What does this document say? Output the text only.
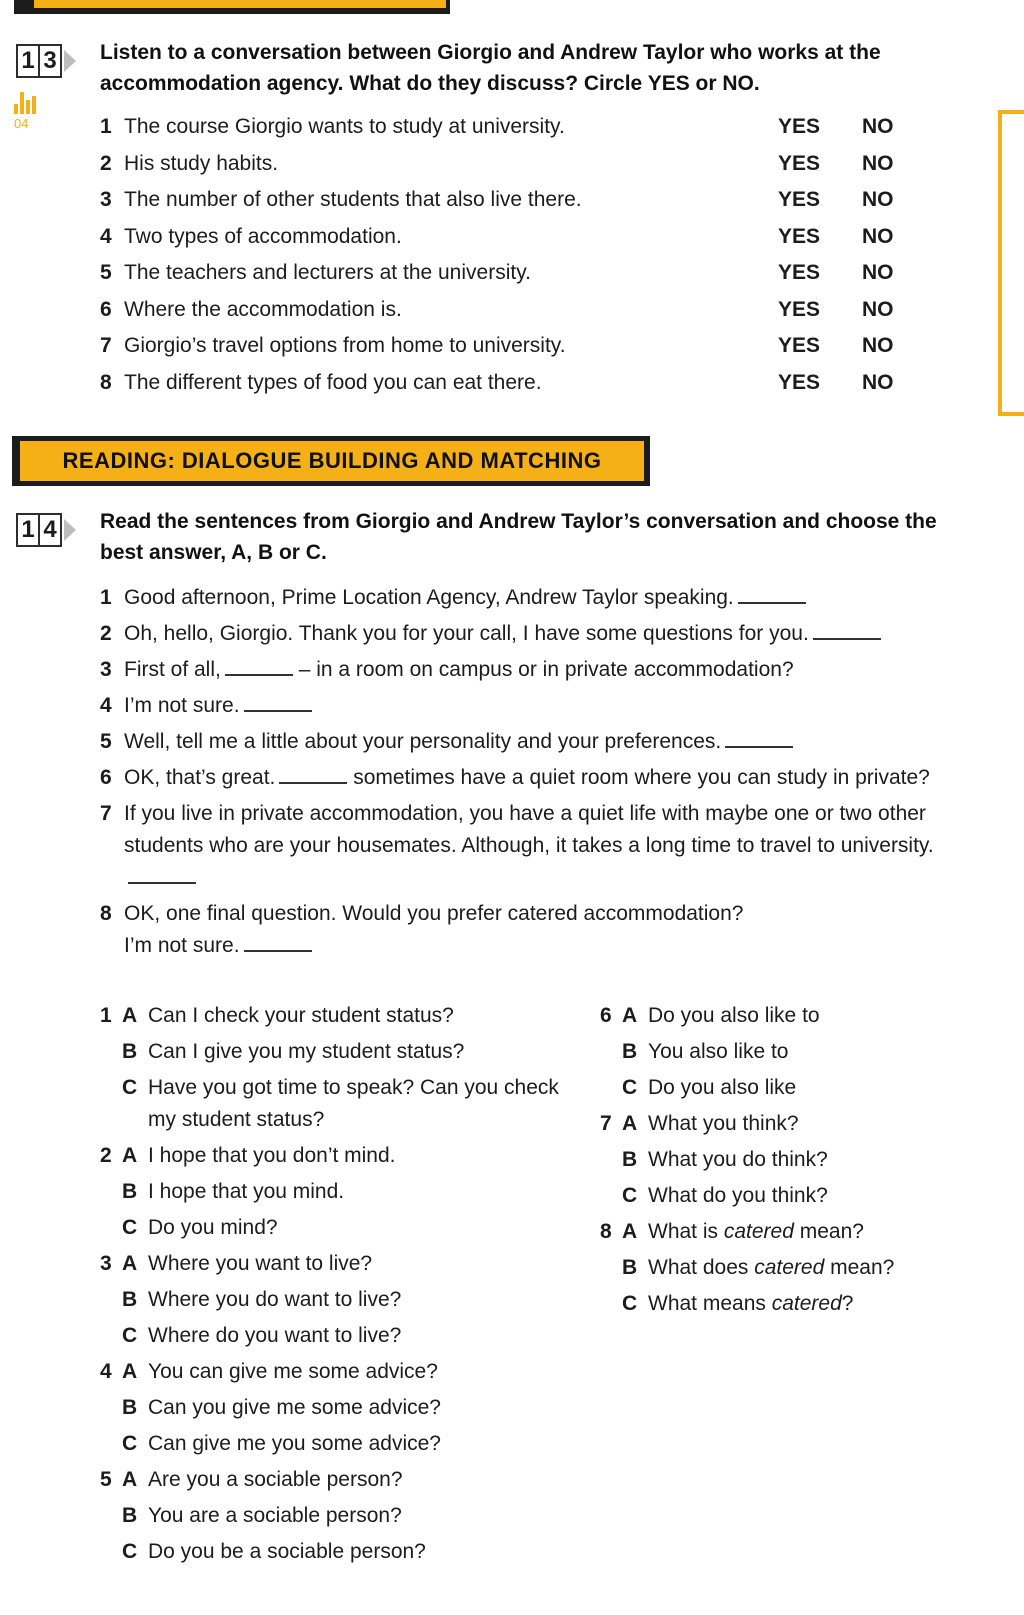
1 3
04
Listen to a conversation between Giorgio and Andrew Taylor who works at the accommodation agency. What do they discuss? Circle YES or NO.
1 The course Giorgio wants to study at university.	YES NO
2 His study habits.	YES NO
3 The number of other students that also live there.	YES NO
4 Two types of accommodation.	YES NO
5 The teachers and lecturers at the university.	YES NO
6 Where the accommodation is.	YES NO
7 Giorgio’s travel options from home to university.	YES NO
8 The different types of food you can eat there.	YES NO
READING: DIALOGUE BUILDING AND MATCHING
1 4 Read the sentences from Giorgio and Andrew Taylor’s conversation and choose the best answer, A, B or C.
1 Good afternoon, Prime Location Agency, Andrew Taylor speaking.
2 Oh, hello, Giorgio. Thank you for your call, I have some questions for you.
3 First of all,	– in a room on campus or in private accommodation?
4 I’m not sure.
5 Well, tell me a little about your personality and your preferences.
6 OK, that’s great.	sometimes have a quiet room where you can study in private?
7 If you live in private accommodation, you have a quiet life with maybe one or two other students who are your housemates. Although, it takes a long time to travel to university.
8 OK, one final question. Would you prefer catered accommodation?
I’m not sure.
1 A Can I check your student status?
B Can I give you my student status?
C Have you got time to speak? Can you check my student status?
2 A I hope that you don’t mind.
B I hope that you mind.
C Do you mind?
3 A Where you want to live?
B Where you do want to live?
C Where do you want to live?
4 A You can give me some advice?
B Can you give me some advice?
C Can give me you some advice?
5 A Are you a sociable person?
B You are a sociable person?
C Do you be a sociable person?
6 A Do you also like to
B You also like to
C Do you also like
7 A What you think?
B What you do think?
C What do you think?
8 A What is catered mean?
B What does catered mean?
C What means catered?
